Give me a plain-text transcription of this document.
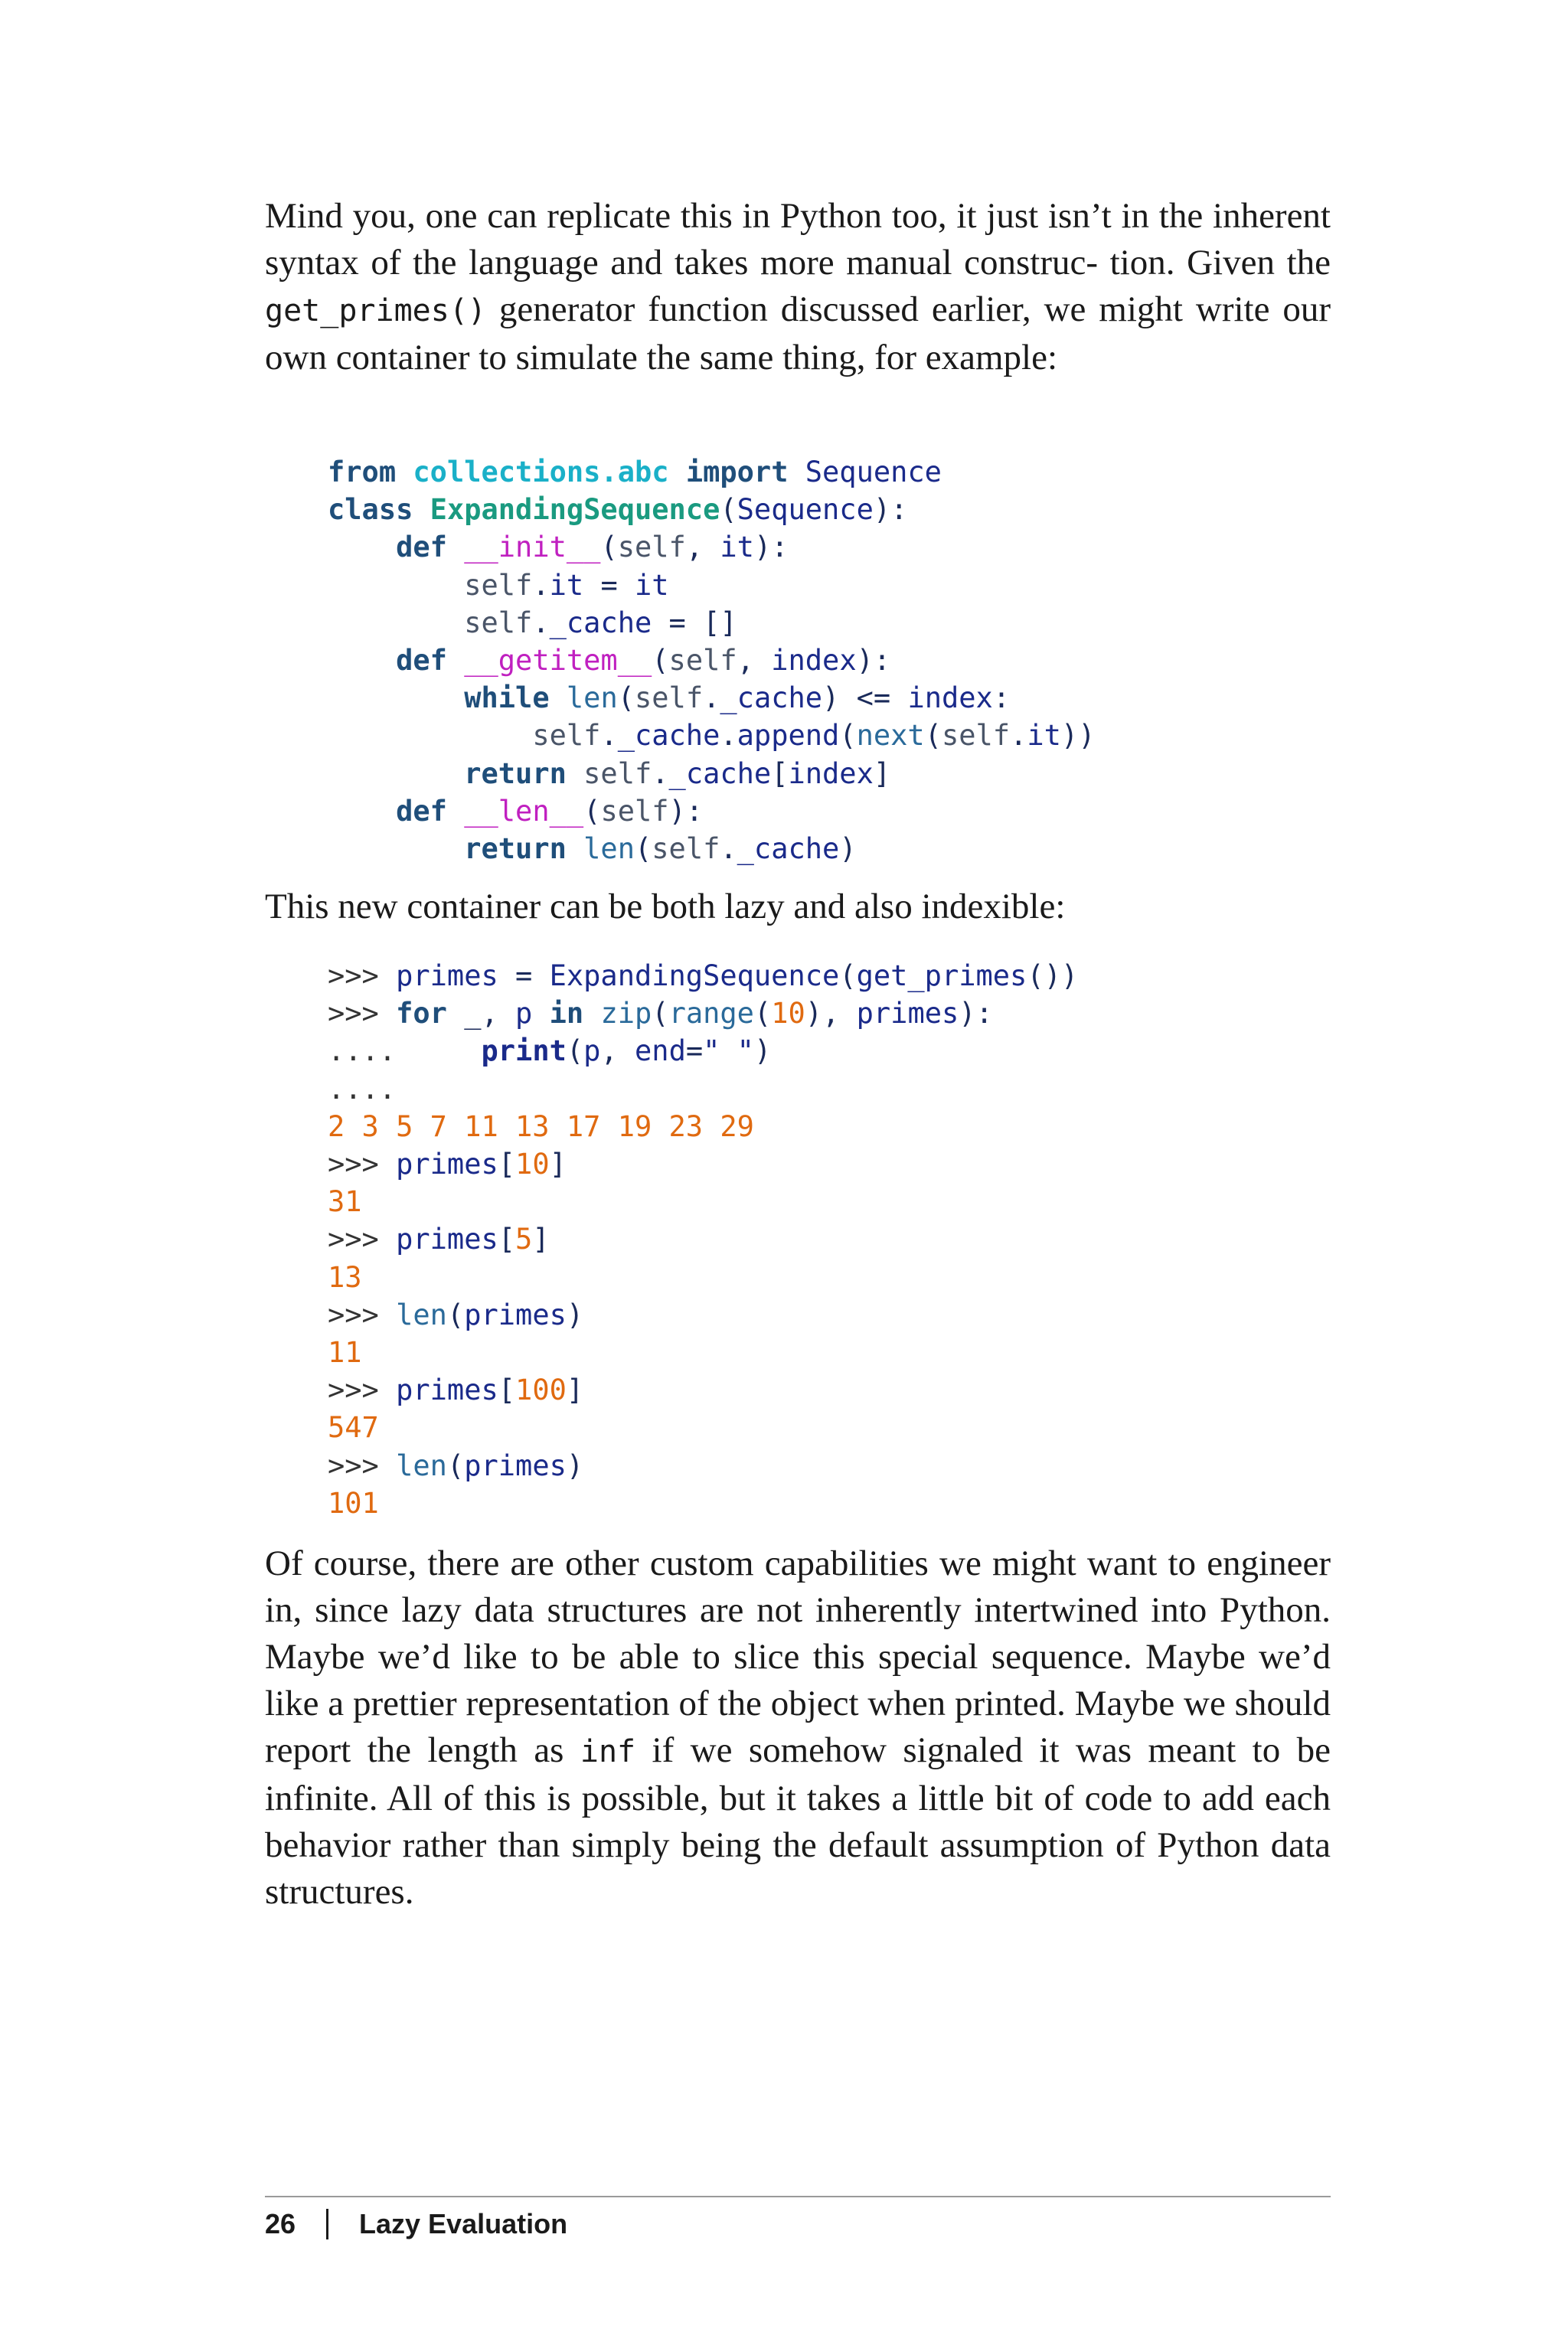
Mind you, one can replicate this in Python too, it just isn’t in the inherent syntax of the language and takes more manual construc- tion. Given the get_primes() generator function discussed earlier, we might write our own container to simulate the same thing, for example:

from collections.abc import Sequence
class ExpandingSequence(Sequence):
def __init__(self, it):
self.it = it
self._cache = []
def __getitem__(self, index):
while len(self._cache) <= index:
self._cache.append(next(self.it))
return self._cache[index]
def __len__(self):
return len(self._cache)

This new container can be both lazy and also indexible:

>>> primes = ExpandingSequence(get_primes())
>>> for _, p in zip(range(10), primes):
....	print(p, end=" ")
....
2 3 5 7 11 13 17 19 23 29
>>> primes[10]
31
>>> primes[5]
13
>>> len(primes)
11
>>> primes[100]
547
>>> len(primes)
101

Of course, there are other custom capabilities we might want to engineer in, since lazy data structures are not inherently intertwined into Python. Maybe we’d like to be able to slice this special sequence. Maybe we’d like a prettier representation of the object when printed. Maybe we should report the length as inf if we somehow signaled it was meant to be infinite. All of this is possible, but it takes a little bit of code to add each behavior rather than simply being the default assumption of Python data structures.

26	Lazy Evaluation
